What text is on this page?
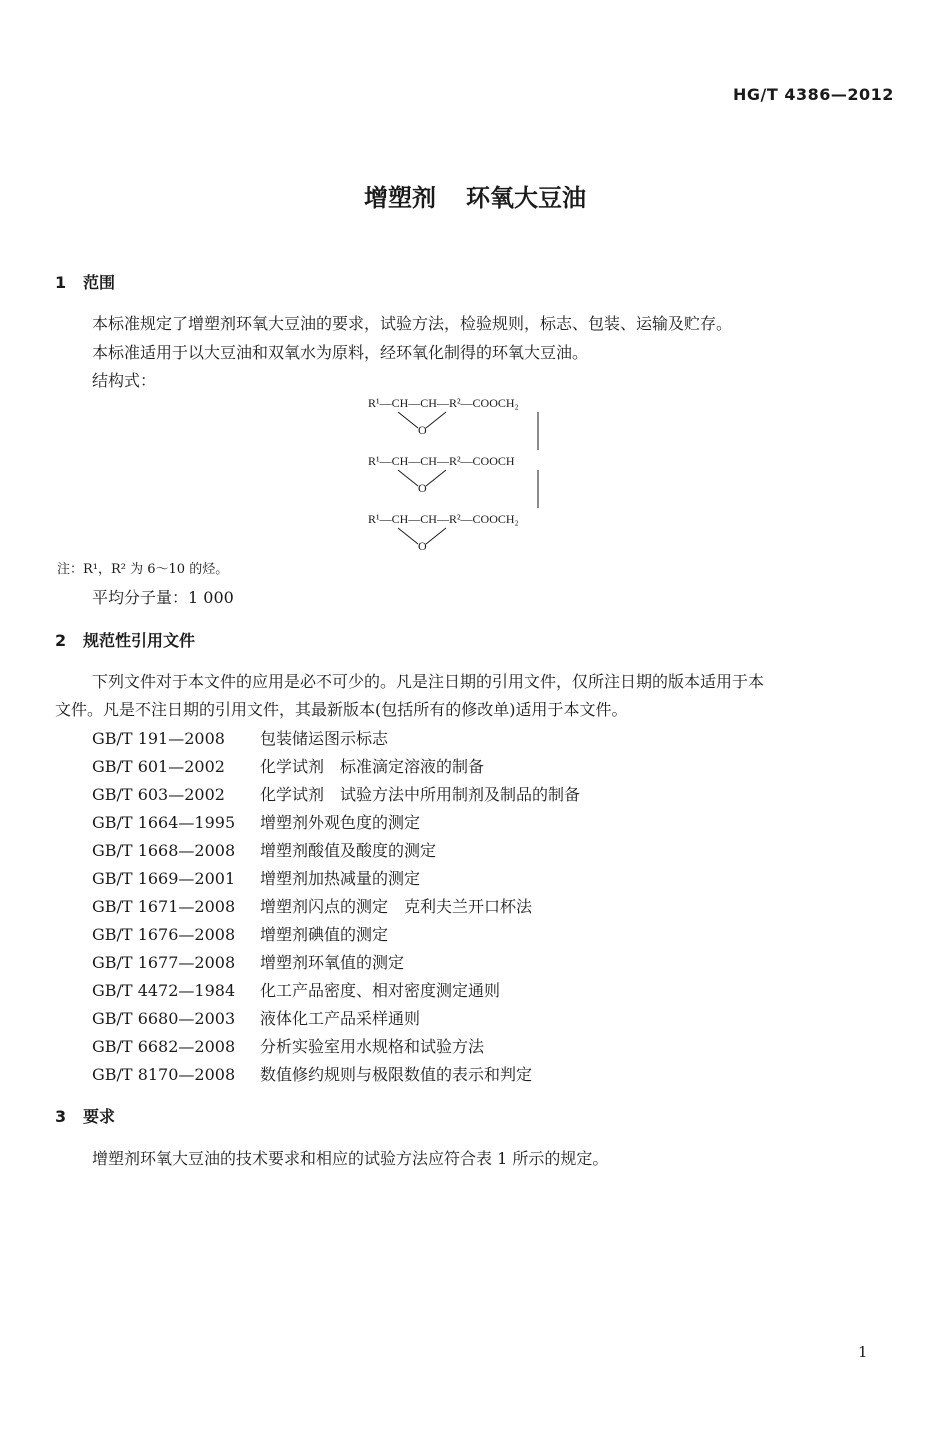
HG/T 4386—2012
增塑剂 环氧大豆油
1 范围
本标准规定了增塑剂环氧大豆油的要求，试验方法，检验规则，标志、包装、运输及贮存。
本标准适用于以大豆油和双氧水为原料，经环氧化制得的环氧大豆油。
结构式：
R¹—CH—CH—R²—COOCH₂
O
R¹—CH—CH—R²—COOCH
O
R¹—CH—CH—R²—COOCH₂
O
注：R¹，R² 为 6～10 的烃。
平均分子量：1 000
2 规范性引用文件
下列文件对于本文件的应用是必不可少的。凡是注日期的引用文件，仅所注日期的版本适用于本
文件。凡是不注日期的引用文件，其最新版本(包括所有的修改单)适用于本文件。
GB/T 191—2008 包装储运图示标志
GB/T 601—2002 化学试剂　标准滴定溶液的制备
GB/T 603—2002 化学试剂　试验方法中所用制剂及制品的制备
GB/T 1664—1995 增塑剂外观色度的测定
GB/T 1668—2008 增塑剂酸值及酸度的测定
GB/T 1669—2001 增塑剂加热减量的测定
GB/T 1671—2008 增塑剂闪点的测定　克利夫兰开口杯法
GB/T 1676—2008 增塑剂碘值的测定
GB/T 1677—2008 增塑剂环氧值的测定
GB/T 4472—1984 化工产品密度、相对密度测定通则
GB/T 6680—2003 液体化工产品采样通则
GB/T 6682—2008 分析实验室用水规格和试验方法
GB/T 8170—2008 数值修约规则与极限数值的表示和判定
3 要求
增塑剂环氧大豆油的技术要求和相应的试验方法应符合表 1 所示的规定。
1
